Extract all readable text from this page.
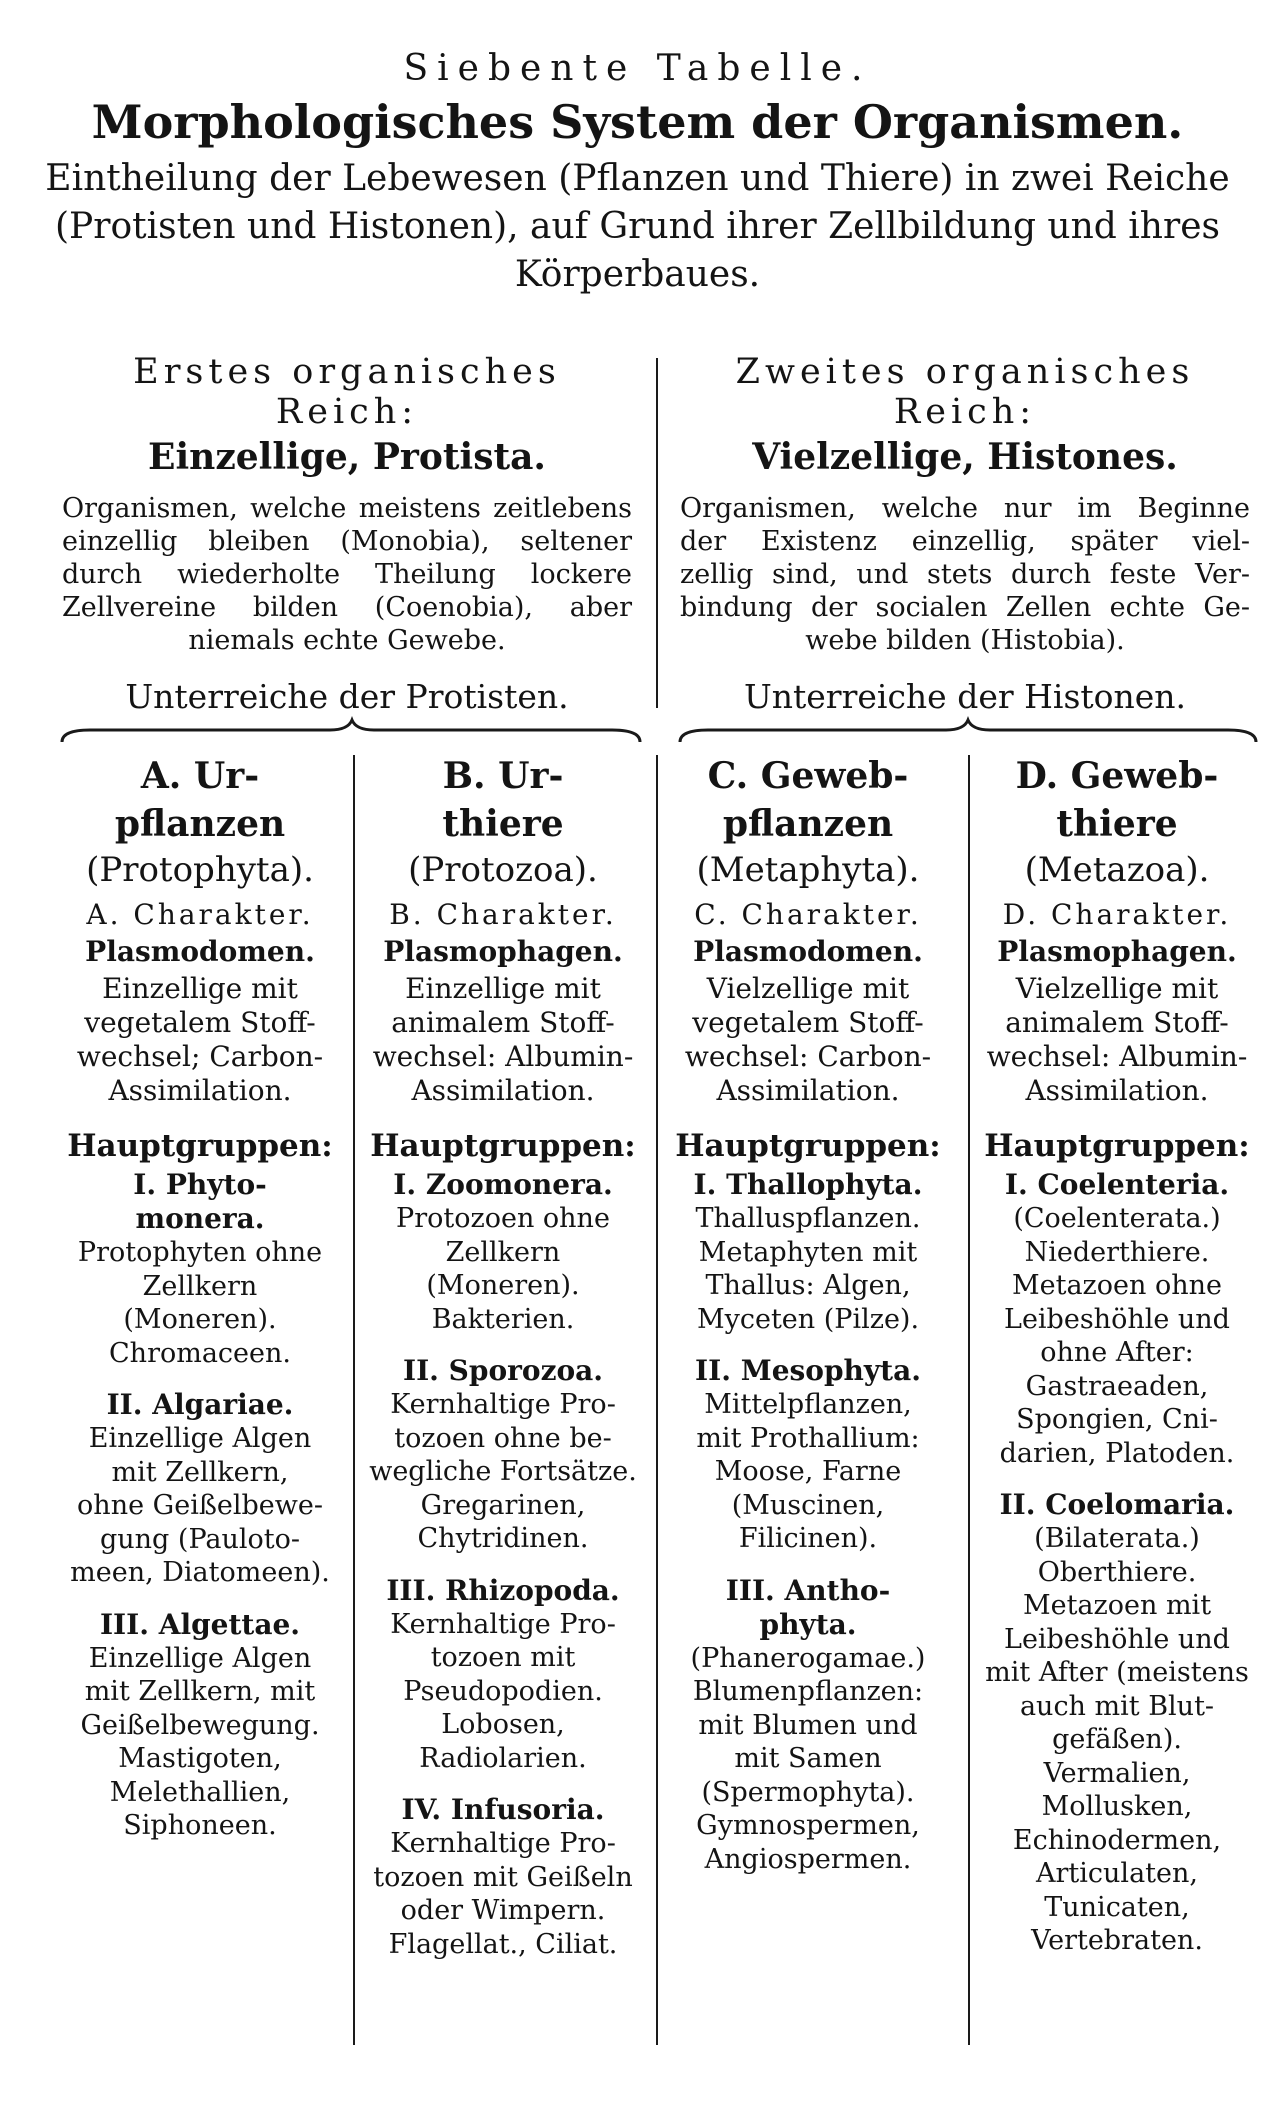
Siebente Tabelle.
Morphologisches System der Organismen.
Eintheilung der Lebewesen (Pflanzen und Thiere) in zwei Reiche
(Protisten und Histonen), auf Grund ihrer Zellbildung und ihres
Körperbaues.
Erstes organisches Reich:
Einzellige, Protista.
Organismen, welche meistens zeitlebens
einzellig bleiben (Monobia), seltener
durch wiederholte Theilung lockere
Zellvereine bilden (Coenobia), aber
niemals echte Gewebe.
Unterreiche der Protisten.
Zweites organisches Reich:
Vielzellige, Histones.
Organismen, welche nur im Beginne
der Existenz einzellig, später viel-
zellig sind, und stets durch feste Ver-
bindung der socialen Zellen echte Ge-
webe bilden (Histobia).
Unterreiche der Histonen.
A. Ur-
pflanzen
(Protophyta).
A. Charakter.
Plasmodomen.
Einzellige mit
vegetalem Stoff-
wechsel; Carbon-
Assimilation.
Hauptgruppen:
I. Phyto-
monera.
Protophyten ohne
Zellkern
(Moneren).
Chromaceen.
II. Algariae.
Einzellige Algen
mit Zellkern,
ohne Geißelbewe-
gung (Pauloto-
meen, Diatomeen).
III. Algettae.
Einzellige Algen
mit Zellkern, mit
Geißelbewegung.
Mastigoten,
Melethallien,
Siphoneen.
B. Ur-
thiere
(Protozoa).
B. Charakter.
Plasmophagen.
Einzellige mit
animalem Stoff-
wechsel: Albumin-
Assimilation.
Hauptgruppen:
I. Zoomonera.
Protozoen ohne
Zellkern
(Moneren).
Bakterien.
II. Sporozoa.
Kernhaltige Pro-
tozoen ohne be-
wegliche Fortsätze.
Gregarinen,
Chytridinen.
III. Rhizopoda.
Kernhaltige Pro-
tozoen mit
Pseudopodien.
Lobosen,
Radiolarien.
IV. Infusoria.
Kernhaltige Pro-
tozoen mit Geißeln
oder Wimpern.
Flagellat., Ciliat.
C. Geweb-
pflanzen
(Metaphyta).
C. Charakter.
Plasmodomen.
Vielzellige mit
vegetalem Stoff-
wechsel: Carbon-
Assimilation.
Hauptgruppen:
I. Thallophyta.
Thalluspflanzen.
Metaphyten mit
Thallus: Algen,
Myceten (Pilze).
II. Mesophyta.
Mittelpflanzen,
mit Prothallium:
Moose, Farne
(Muscinen,
Filicinen).
III. Antho-
phyta.
(Phanerogamae.)
Blumenpflanzen:
mit Blumen und
mit Samen
(Spermophyta).
Gymnospermen,
Angiospermen.
D. Geweb-
thiere
(Metazoa).
D. Charakter.
Plasmophagen.
Vielzellige mit
animalem Stoff-
wechsel: Albumin-
Assimilation.
Hauptgruppen:
I. Coelenteria.
(Coelenterata.)
Niederthiere.
Metazoen ohne
Leibeshöhle und
ohne After:
Gastraeaden,
Spongien, Cni-
darien, Platoden.
II. Coelomaria.
(Bilaterata.)
Oberthiere.
Metazoen mit
Leibeshöhle und
mit After (meistens
auch mit Blut-
gefäßen).
Vermalien,
Mollusken,
Echinodermen,
Articulaten,
Tunicaten,
Vertebraten.
